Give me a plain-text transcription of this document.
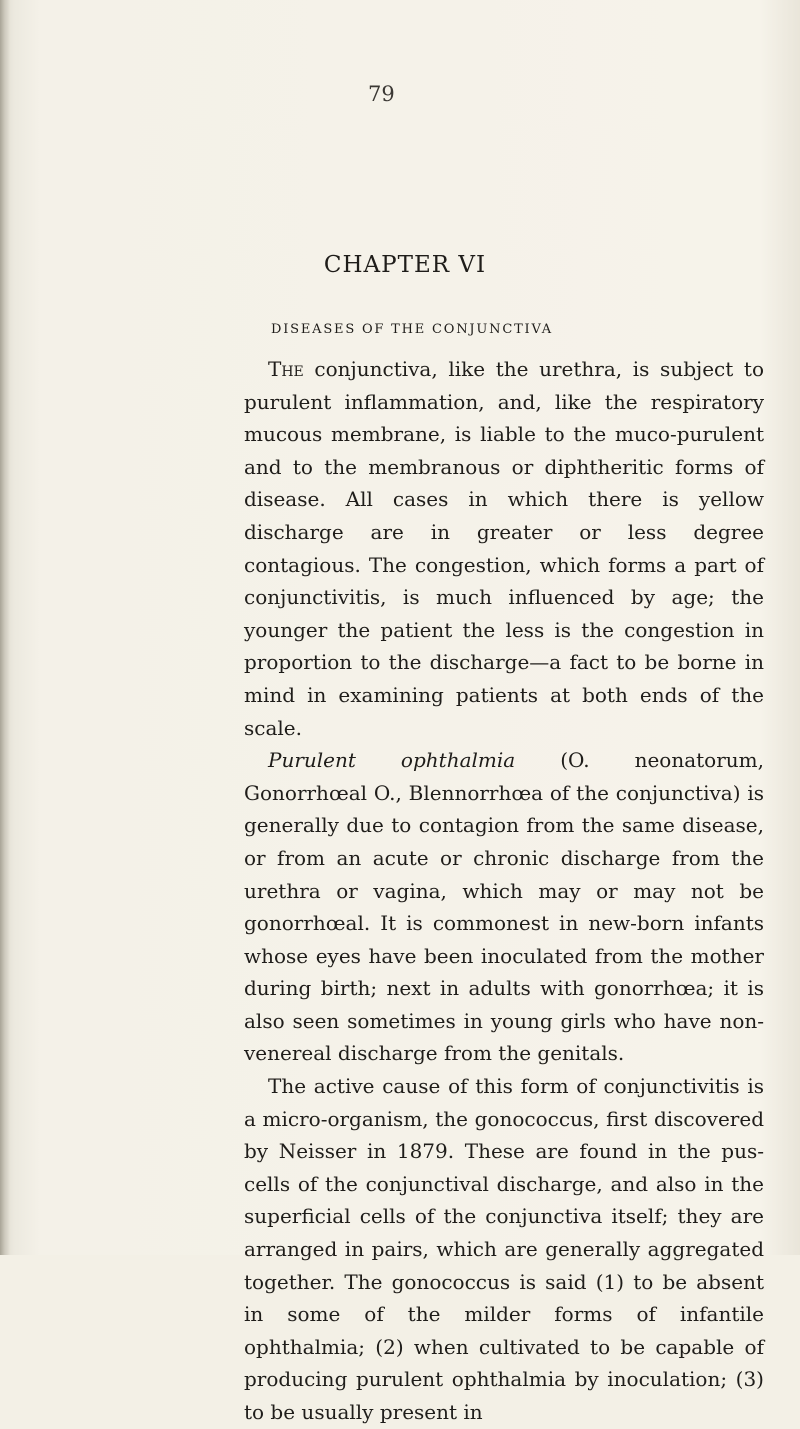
79
CHAPTER VI
DISEASES OF THE CONJUNCTIVA

The conjunctiva, like the urethra, is subject to purulent inflammation, and, like the respiratory mucous membrane, is liable to the muco-purulent and to the membranous or diphtheritic forms of disease. All cases in which there is yellow discharge are in greater or less degree contagious. The congestion, which forms a part of conjunctivitis, is much influenced by age; the younger the patient the less is the congestion in proportion to the discharge—a fact to be borne in mind in examining patients at both ends of the scale.

Purulent ophthalmia (O. neonatorum, Gonorrhœal O., Blennorrhœa of the conjunctiva) is generally due to contagion from the same disease, or from an acute or chronic discharge from the urethra or vagina, which may or may not be gonorrhœal. It is commonest in new-born infants whose eyes have been inoculated from the mother during birth; next in adults with gonorrhœa; it is also seen sometimes in young girls who have non-venereal discharge from the genitals.

The active cause of this form of conjunctivitis is a micro-organism, the gonococcus, first discovered by Neisser in 1879. These are found in the pus-cells of the conjunctival discharge, and also in the superficial cells of the conjunctiva itself; they are arranged in pairs, which are generally aggregated together. The gonococcus is said (1) to be absent in some of the milder forms of infantile ophthalmia; (2) when cultivated to be capable of producing purulent ophthalmia by inoculation; (3) to be usually present in
